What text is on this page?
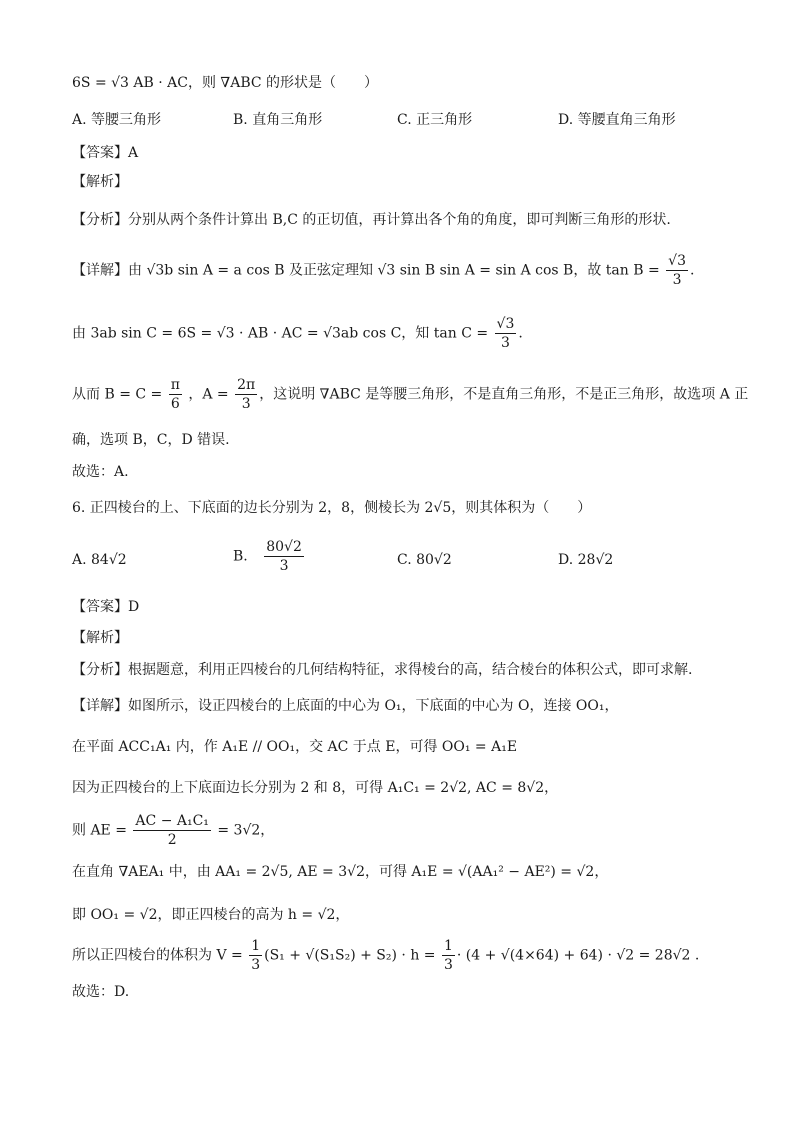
6S = √3 AB · AC，则 ∇ABC 的形状是（　　）
A. 等腰三角形	B. 直角三角形	C. 正三角形	D. 等腰直角三角形
【答案】A
【解析】
【分析】分别从两个条件计算出 B,C 的正切值，再计算出各个角的角度，即可判断三角形的形状.
【详解】由 √3b sin A = a cos B 及正弦定理知 √3 sin B sin A = sin A cos B，故 $\tan B = \frac{√3}{3}$ .
由 3ab sin C = 6S = √3 · AB · AC = √3ab cos C，知 $\tan C = \frac{√3}{3}$ .
从而 $B = C = \frac{\pi}{6}$ ，$A = \frac{2\pi}{3}$ ，这说明 ∇ABC 是等腰三角形，不是直角三角形，不是正三角形，故选项 A 正
确，选项 B，C，D 错误.
故选：A.
6. 正四棱台的上、下底面的边长分别为 2，8，侧棱长为 2√5，则其体积为（　　）
A. 84√2	B. $\frac{80√2}{3}$	C. 80√2	D. 28√2
【答案】D
【解析】
【分析】根据题意，利用正四棱台的几何结构特征，求得棱台的高，结合棱台的体积公式，即可求解.
【详解】如图所示，设正四棱台的上底面的中心为 O₁，下底面的中心为 O，连接 OO₁，
在平面 ACC₁A₁ 内，作 A₁E // OO₁，交 AC 于点 E，可得 OO₁ = A₁E
因为正四棱台的上下底面边长分别为 2 和 8，可得 A₁C₁ = 2√2, AC = 8√2，
则 AE = $\frac{\text{AC − A₁C₁}}{2} = 3√2$，
在直角 ∇AEA₁ 中，由 AA₁ = 2√5, AE = 3√2，可得 A₁E = √(AA₁² − AE²) = √2，
即 OO₁ = √2，即正四棱台的高为 h = √2，
所以正四棱台的体积为 $V = \frac{1}{3} (S_1 + √(S_1S_2) + S_2) \cdot h = \frac{1}{3} \cdot (4 + √(4\times 64) + 64) \cdot √2 = 28√2$ .
故选：D.
